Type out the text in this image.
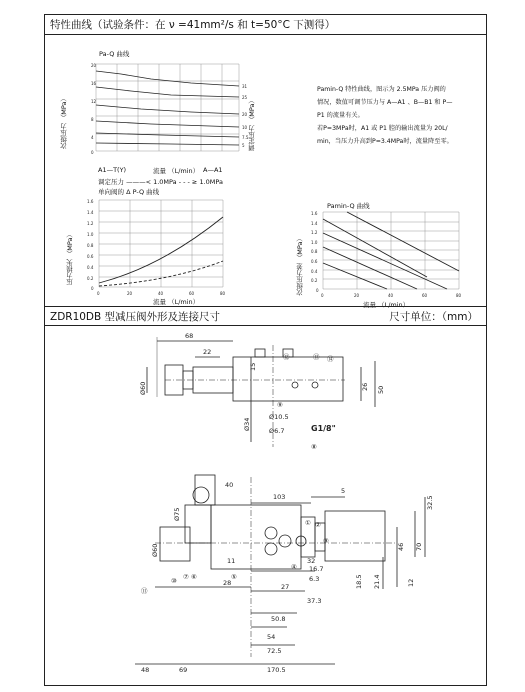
特性曲线（试验条件：在 ν =41mm²/s 和 t=50°C 下测得）
Pa-Q 曲线
次级压力 （MPa）	调定压力 （MPa）
20
16
12
8
4
0
31
25
20
10
7.5
5
A1—T(Y)	流量 （L/min） A—A1

Pamin-Q 特性曲线，图示为 2.5MPa 压力阀的

情况，数值可调节压力与 A—A1 、B—B1 和 P—

P1 的流量有关。

若P=3MPa时，A1 或 P1 腔的输出流量为 20L/

min，当压力升高到P=3.4MPa时，流量降至零。

调定压力 ———< 1.0MPa - - - ≥ 1.0MPa
单向阀的 Δ P-Q 曲线
压力损失 （MPa）
1.6
1.4
1.2
1.0
0.8
0.6
0.4
0.2
0
0	20	40	60	80
流量 （L/min）
Pamin-Q 曲线
次级压力差 （MPa）
1.6
1.4
1.2
1.0
0.8
0.6
0.4
0.2
0
0	20	40	60	80
流量 （L/min）
ZDR10DB 型减压阀外形及连接尺寸	尺寸单位：（mm）
68
22
15
Ø60
Ø34
Ø10.5
Ø6.7	G1/8"
50
26
40
103
5
32.5
Ø75
Ø60
11
28
46 70
16.7
6.3	18.5 21.4	12
32
27
37.3
50.8
54
72.5
48	69	170.5
⑫	⑬ ⑭
⑨
⑧
⑦ ⑥	⑤
④
③
②
①
⑩
⑪
